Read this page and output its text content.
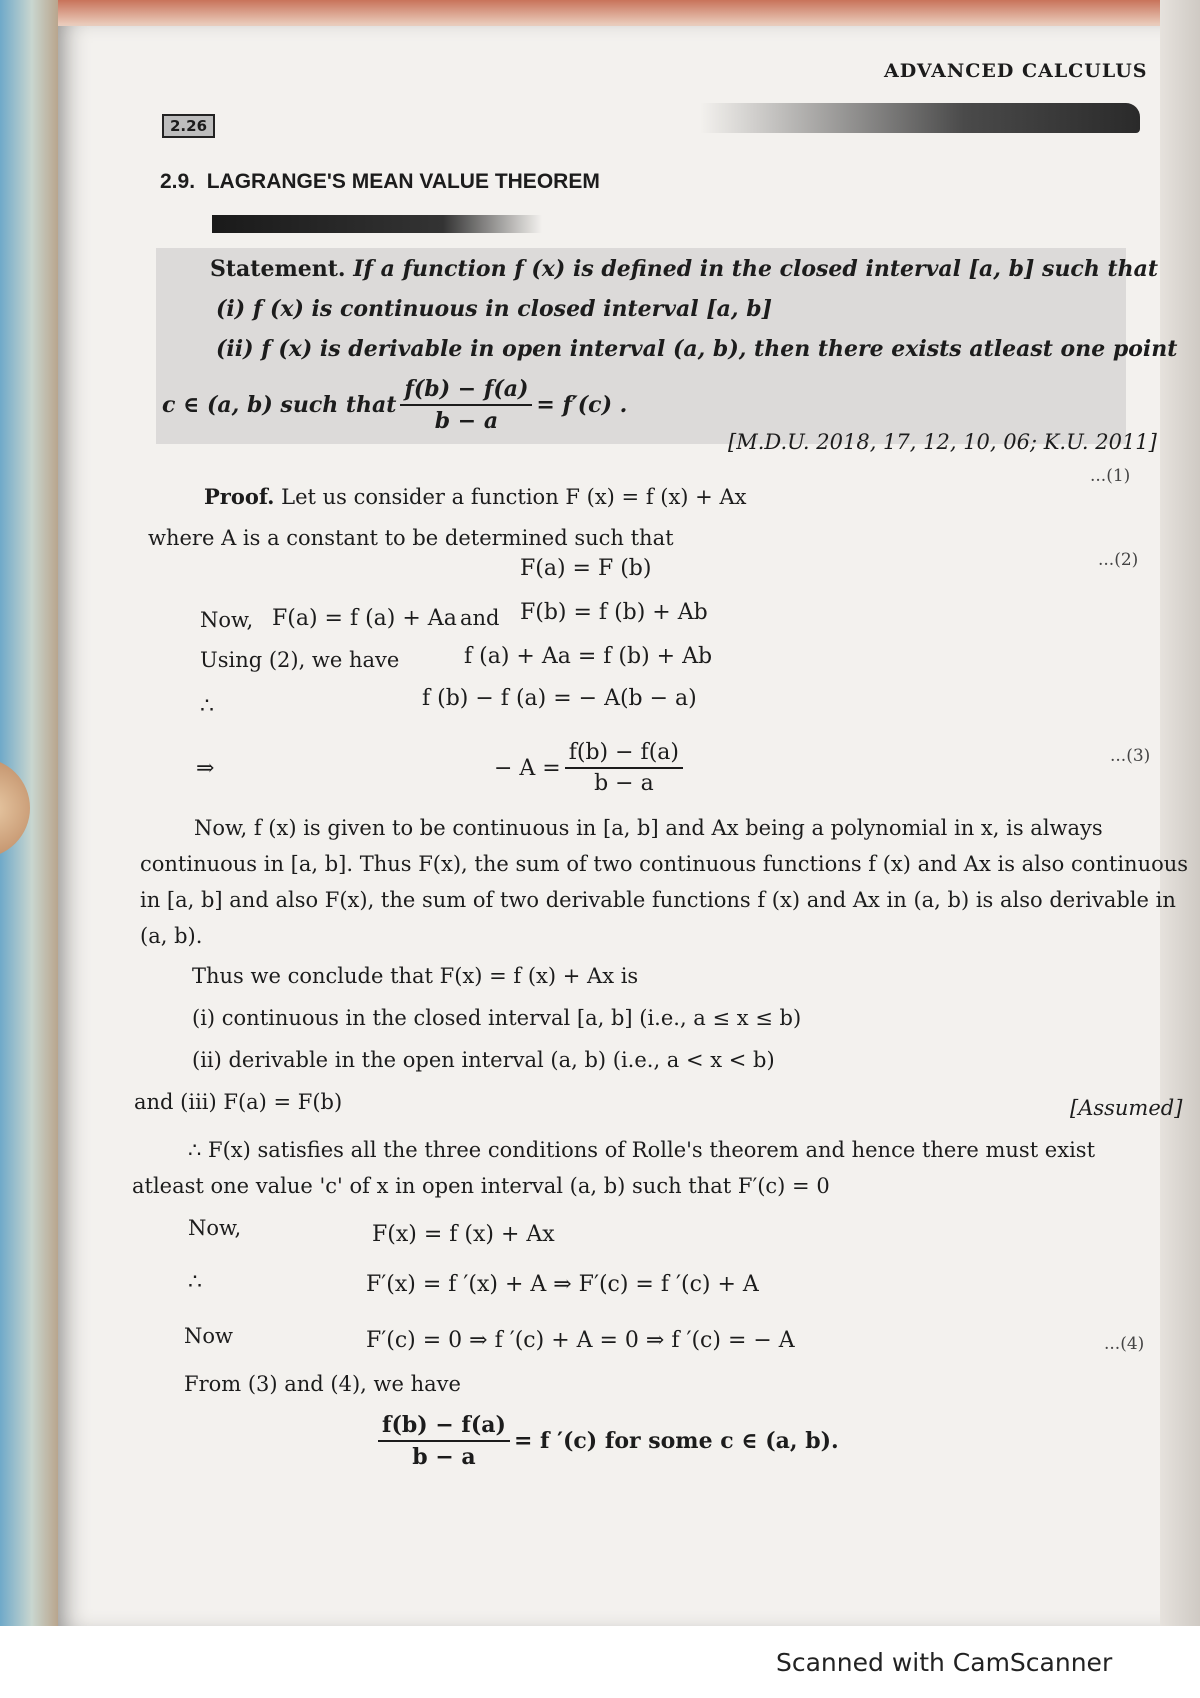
ADVANCED CALCULUS
2.26
2.9. LAGRANGE'S MEAN VALUE THEOREM
Statement. If a function f (x) is defined in the closed interval [a, b] such that
(i) f (x) is continuous in closed interval [a, b]
(ii) f (x) is derivable in open interval (a, b), then there exists atleast one point
c ∈ (a, b) such that $\frac{f(b) - f(a)}{b - a} = f'(c)$ .
[M.D.U. 2018, 17, 12, 10, 06; K.U. 2011]
Proof. Let us consider a function F (x) = f (x) + Ax
...(1)
where A is a constant to be determined such that
F(a) = F (b)	...(2)
Now, F(a) = f (a) + Aa and F(b) = f (b) + Ab
Using (2), we have	f (a) + Aa = f (b) + Ab
∴	f (b) − f (a) = − A(b − a)
⇒	− $A = \frac{f(b) - f(a)}{b - a}$	...(3)
Now, f (x) is given to be continuous in [a, b] and Ax being a polynomial in x, is always
continuous in [a, b]. Thus F(x), the sum of two continuous functions f (x) and Ax is also continuous
in [a, b] and also F(x), the sum of two derivable functions f (x) and Ax in (a, b) is also derivable in
(a, b).
Thus we conclude that F(x) = f (x) + Ax is
(i) continuous in the closed interval [a, b] (i.e., a ≤ x ≤ b)
(ii) derivable in the open interval (a, b) (i.e., a < x < b)
and (iii) F(a) = F(b)	[Assumed]
∴ F(x) satisfies all the three conditions of Rolle's theorem and hence there must exist
atleast one value 'c' of x in open interval (a, b) such that F′(c) = 0
Now,	F(x) = f (x) + Ax
∴	F′(x) = f ′(x) + A ⇒ F′(c) = f ′(c) + A
Now	F′(c) = 0 ⇒ f ′(c) + A = 0 ⇒ f ′(c) = − A	...(4)
From (3) and (4), we have
$\frac{f(b) - f(a)}{b - a} = f$ ′(c) for some c ∈ (a, b).
Scanned with CamScanner
